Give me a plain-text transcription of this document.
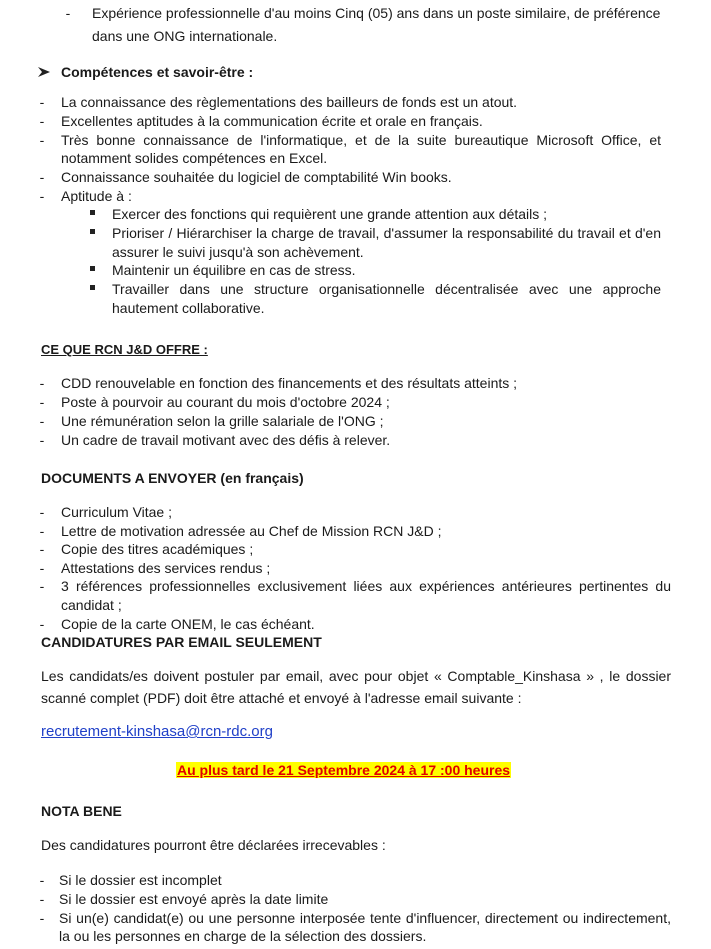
- Expérience professionnelle d'au moins Cinq (05) ans dans un poste similaire, de préférence
dans une ONG internationale.
Compétences et savoir-être :
- La connaissance des règlementations des bailleurs de fonds est un atout.
- Excellentes aptitudes à la communication écrite et orale en français.
- Très bonne connaissance de l'informatique, et de la suite bureautique Microsoft Office, et
notamment solides compétences en Excel.
- Connaissance souhaitée du logiciel de comptabilité Win books.
- Aptitude à :
Exercer des fonctions qui requièrent une grande attention aux détails ;
Prioriser / Hiérarchiser la charge de travail, d'assumer la responsabilité du travail et d'en
assurer le suivi jusqu'à son achèvement.
Maintenir un équilibre en cas de stress.
Travailler dans une structure organisationnelle décentralisée avec une approche
hautement collaborative.
CE QUE RCN J&D OFFRE :
- CDD renouvelable en fonction des financements et des résultats atteints ;
- Poste à pourvoir au courant du mois d'octobre 2024 ;
- Une rémunération selon la grille salariale de l'ONG ;
- Un cadre de travail motivant avec des défis à relever.
DOCUMENTS A ENVOYER (en français)
- Curriculum Vitae ;
- Lettre de motivation adressée au Chef de Mission RCN J&D ;
- Copie des titres académiques ;
- Attestations des services rendus ;
- 3 références professionnelles exclusivement liées aux expériences antérieures pertinentes du
candidat ;
- Copie de la carte ONEM, le cas échéant.
CANDIDATURES PAR EMAIL SEULEMENT
Les candidats/es doivent postuler par email, avec pour objet « Comptable_Kinshasa » , le dossier
scanné complet (PDF) doit être attaché et envoyé à l'adresse email suivante :
recrutement-kinshasa@rcn-rdc.org
Au plus tard le 21 Septembre 2024 à 17 :00 heures
NOTA BENE
Des candidatures pourront être déclarées irrecevables :
- Si le dossier est incomplet
- Si le dossier est envoyé après la date limite
- Si un(e) candidat(e) ou une personne interposée tente d'influencer, directement ou indirectement,
la ou les personnes en charge de la sélection des dossiers.
